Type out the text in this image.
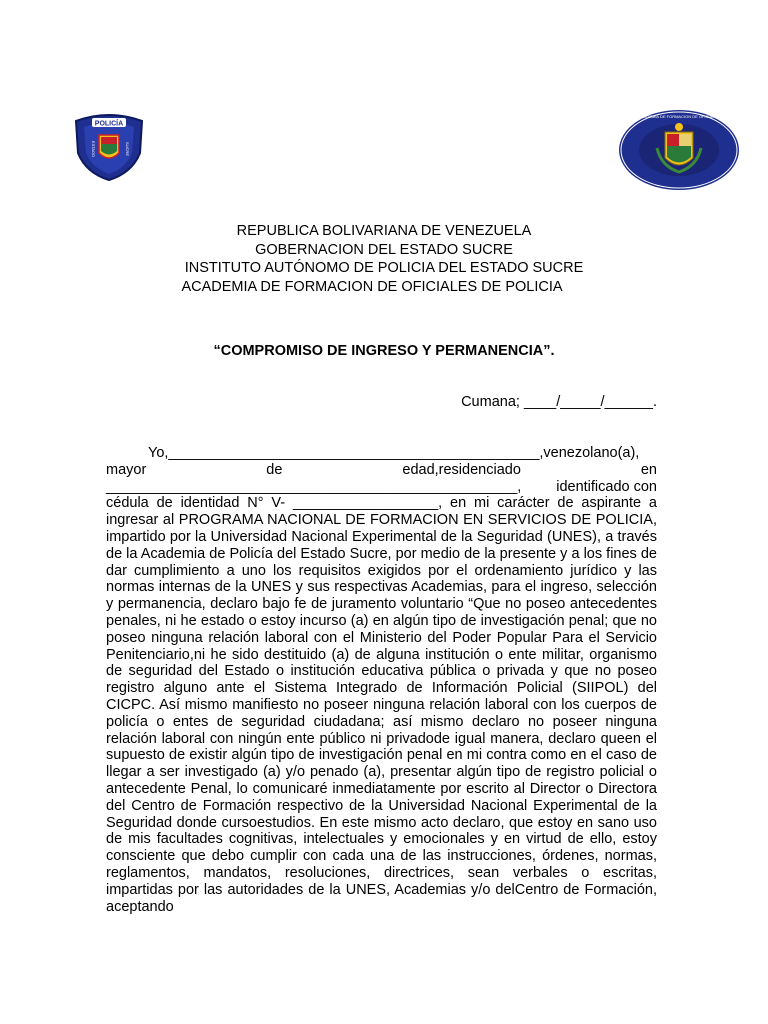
POLICÍA
ESTADO	SUCRE
ACADEMIA DE FORMACION DE OFICIALES
REPUBLICA BOLIVARIANA DE VENEZUELA
GOBERNACION DEL ESTADO SUCRE
INSTITUTO AUTÓNOMO DE POLICIA DEL ESTADO SUCRE
ACADEMIA DE FORMACION DE OFICIALES DE POLICIA
“COMPROMISO DE INGRESO Y PERMANENCIA”.
Cumana; ____/_____/______.
Yo,______________________________________________,venezolano(a),
mayor	de	edad,residenciado	en
___________________________________________________, identificado con
cédula de identidad N° V- __________________, en mi carácter de aspirante a ingresar al PROGRAMA NACIONAL DE FORMACION EN SERVICIOS DE POLICIA, impartido por la Universidad Nacional Experimental de la Seguridad (UNES), a través de la Academia de Policía del Estado Sucre, por medio de la presente y a los fines de dar cumplimiento a uno los requisitos exigidos por el ordenamiento jurídico y las normas internas de la UNES y sus respectivas Academias, para el ingreso, selección y permanencia, declaro bajo fe de juramento voluntario “Que no poseo antecedentes penales, ni he estado o estoy incurso (a) en algún tipo de investigación penal; que no poseo ninguna relación laboral con el Ministerio del Poder Popular Para el Servicio Penitenciario,ni he sido destituido (a) de alguna institución o ente militar, organismo de seguridad del Estado o institución educativa pública o privada y que no poseo registro alguno ante el Sistema Integrado de Información Policial (SIIPOL) del CICPC. Así mismo manifiesto no poseer ninguna relación laboral con los cuerpos de policía o entes de seguridad ciudadana; así mismo declaro no poseer ninguna relación laboral con ningún ente público ni privadode igual manera, declaro queen el supuesto de existir algún tipo de investigación penal en mi contra como en el caso de llegar a ser investigado (a) y/o penado (a), presentar algún tipo de registro policial o antecedente Penal, lo comunicaré inmediatamente por escrito al Director o Directora del Centro de Formación respectivo de la Universidad Nacional Experimental de la Seguridad donde cursoestudios. En este mismo acto declaro, que estoy en sano uso de mis facultades cognitivas, intelectuales y emocionales y en virtud de ello, estoy consciente que debo cumplir con cada una de las instrucciones, órdenes, normas, reglamentos, mandatos, resoluciones, directrices, sean verbales o escritas, impartidas por las autoridades de la UNES, Academias y/o delCentro de Formación, aceptando
